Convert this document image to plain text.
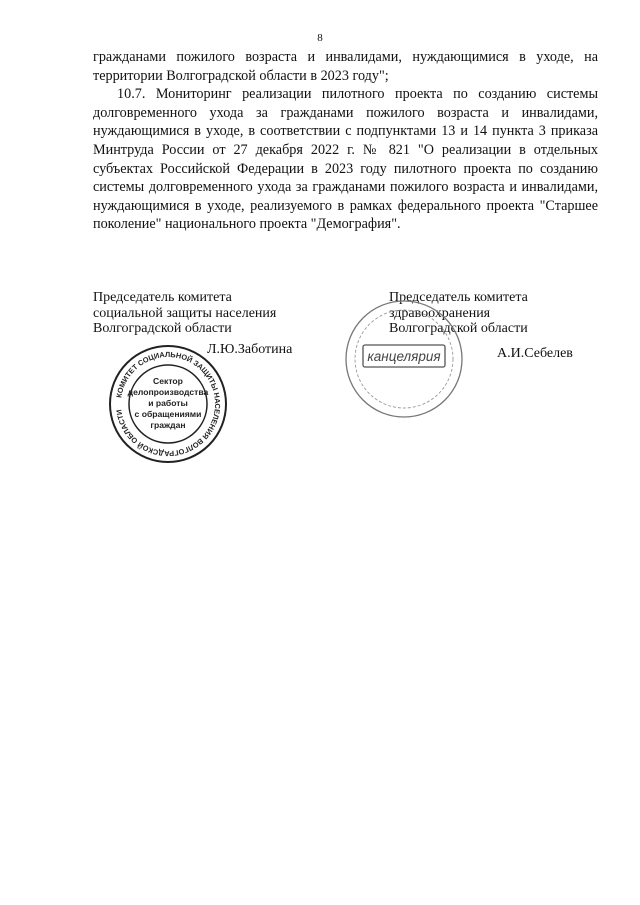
8

гражданами пожилого возраста и инвалидами, нуждающимися в уходе, на территории Волгоградской области в 2023 году";

10.7. Мониторинг реализации пилотного проекта по созданию системы долговременного ухода за гражданами пожилого возраста и инвалидами, нуждающимися в уходе, в соответствии с подпунктами 13 и 14 пункта 3 приказа Минтруда России от 27 декабря 2022 г. № 821 "О реализации в отдельных субъектах Российской Федерации в 2023 году пилотного проекта по созданию системы долговременного ухода за гражданами пожилого возраста и инвалидами, нуждающимися в уходе, реализуемого в рамках федерального проекта "Старшее поколение" национального проекта "Демография".

Председатель комитета
социальной защиты населения
Волгоградской области
Л.Ю.Заботина
Председатель комитета
здравоохранения
Волгоградской области
А.И.Себелев
КОМИТЕТ СОЦИАЛЬНОЙ ЗАЩИТЫ НАСЕЛЕНИЯ ВОЛГОГРАДСКОЙ ОБЛАСТИ
Сектор
делопроизводства
и работы
с обращениями
граждан
канцелярия
